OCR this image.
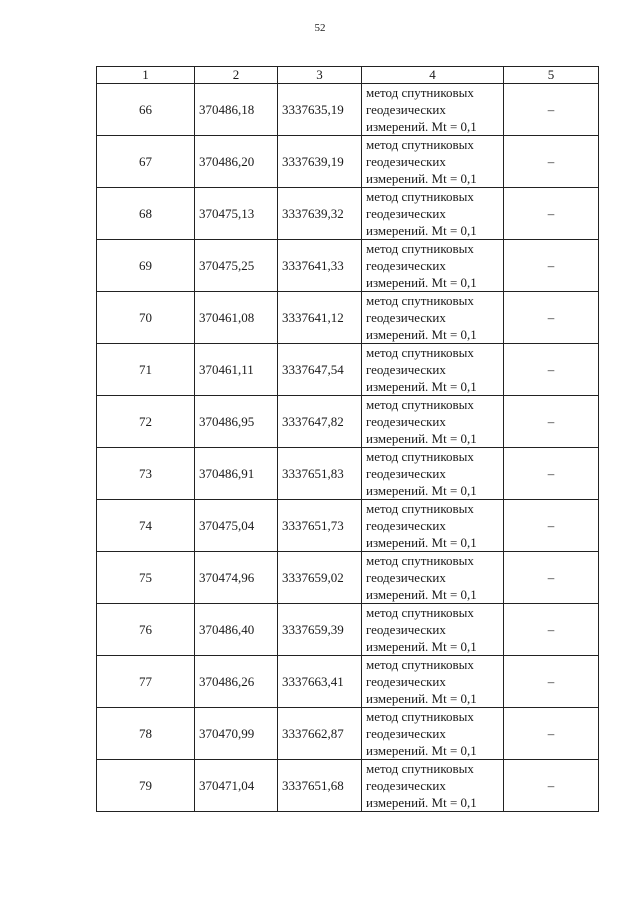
52
1	2	3	4	5
66	370486,18	3337635,19	метод спутниковых
геодезических
измерений. Mt = 0,1	–
67	370486,20	3337639,19	метод спутниковых
геодезических
измерений. Mt = 0,1	–
68	370475,13	3337639,32	метод спутниковых
геодезических
измерений. Mt = 0,1	–
69	370475,25	3337641,33	метод спутниковых
геодезических
измерений. Mt = 0,1	–
70	370461,08	3337641,12	метод спутниковых
геодезических
измерений. Mt = 0,1	–
71	370461,11	3337647,54	метод спутниковых
геодезических
измерений. Mt = 0,1	–
72	370486,95	3337647,82	метод спутниковых
геодезических
измерений. Mt = 0,1	–
73	370486,91	3337651,83	метод спутниковых
геодезических
измерений. Mt = 0,1	–
74	370475,04	3337651,73	метод спутниковых
геодезических
измерений. Mt = 0,1	–
75	370474,96	3337659,02	метод спутниковых
геодезических
измерений. Mt = 0,1	–
76	370486,40	3337659,39	метод спутниковых
геодезических
измерений. Mt = 0,1	–
77	370486,26	3337663,41	метод спутниковых
геодезических
измерений. Mt = 0,1	–
78	370470,99	3337662,87	метод спутниковых
геодезических
измерений. Mt = 0,1	–
79	370471,04	3337651,68	метод спутниковых
геодезических
измерений. Mt = 0,1	–
